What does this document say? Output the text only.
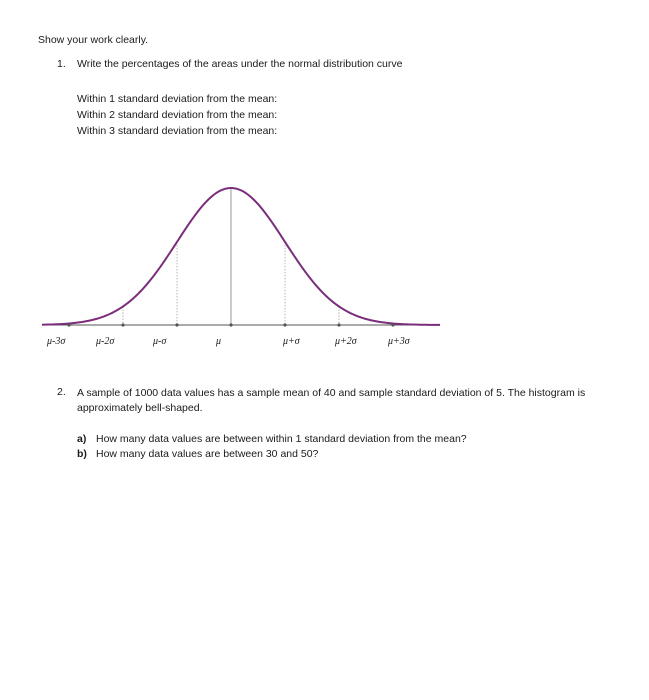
Show your work clearly.
1. Write the percentages of the areas under the normal distribution curve
Within 1 standard deviation from the mean:
Within 2 standard deviation from the mean:
Within 3 standard deviation from the mean:
μ-3σ	μ-2σ	μ-σ	μ	μ+σ	μ+2σ	μ+3σ
2. A sample of 1000 data values has a sample mean of 40 and sample standard deviation of 5. The histogram is approximately bell-shaped.
a) How many data values are between within 1 standard deviation from the mean?
b) How many data values are between 30 and 50?
